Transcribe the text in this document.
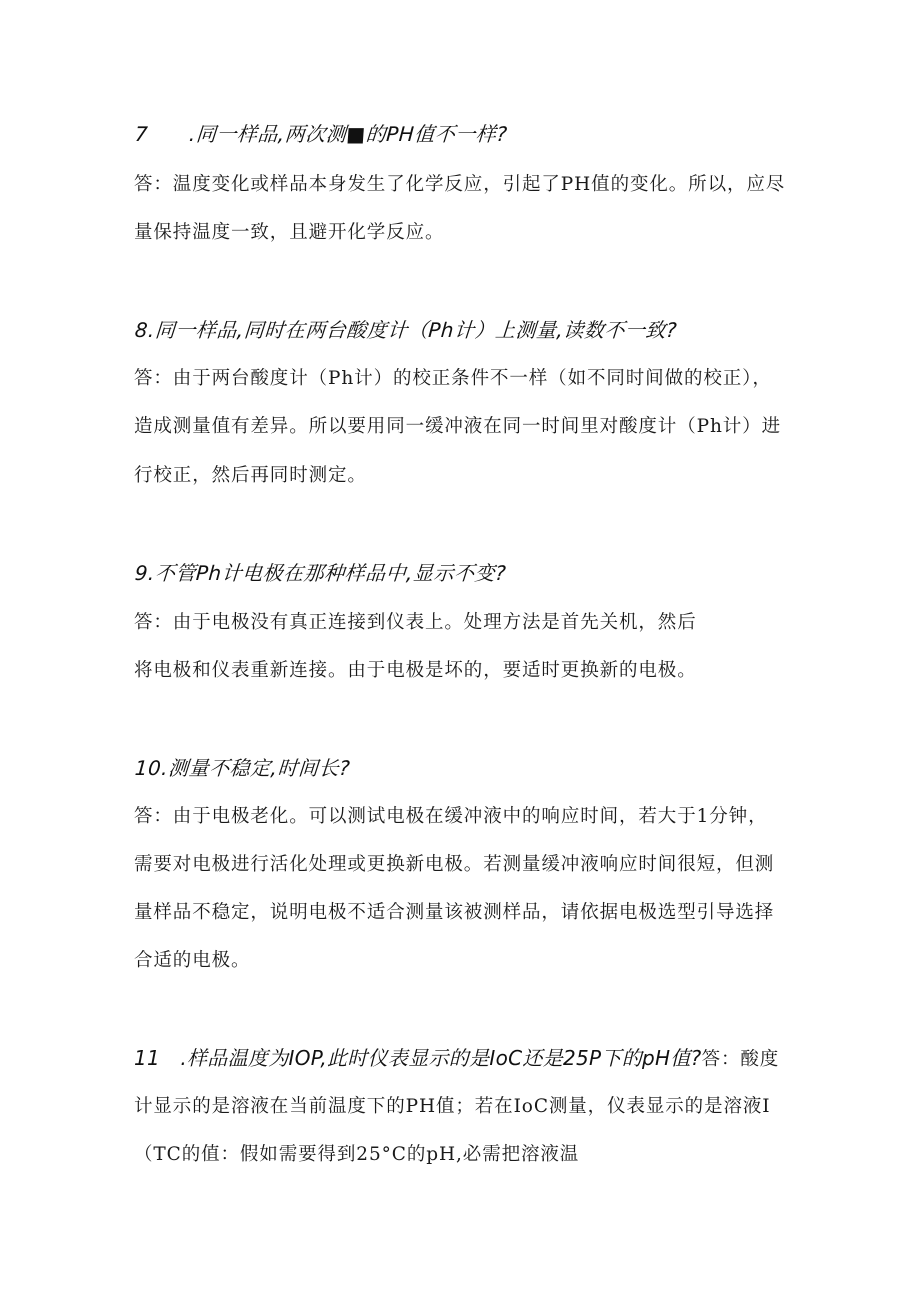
7　　.同一样品,两次测■的PH值不一样?
答：温度变化或样品本身发生了化学反应，引起了PH值的变化。所以，应尽
量保持温度一致，且避开化学反应。
8.同一样品,同时在两台酸度计（Ph计）上测量,读数不一致?
答：由于两台酸度计（Ph计）的校正条件不一样（如不同时间做的校正），
造成测量值有差异。所以要用同一缓冲液在同一时间里对酸度计（Ph计）进
行校正，然后再同时测定。
9.不管Ph计电极在那种样品中,显示不变?
答：由于电极没有真正连接到仪表上。处理方法是首先关机，然后
将电极和仪表重新连接。由于电极是坏的，要适时更换新的电极。
10.测量不稳定,时间长?
答：由于电极老化。可以测试电极在缓冲液中的响应时间，若大于1分钟，
需要对电极进行活化处理或更换新电极。若测量缓冲液响应时间很短，但测
量样品不稳定，说明电极不适合测量该被测样品，请依据电极选型引导选择
合适的电极。
11　.样品温度为IOP,此时仪表显示的是IoC还是25P下的pH值?答：酸度
计显示的是溶液在当前温度下的PH值；若在IoC测量，仪表显示的是溶液I
（TC的值：假如需要得到25°C的pH,必需把溶液温
